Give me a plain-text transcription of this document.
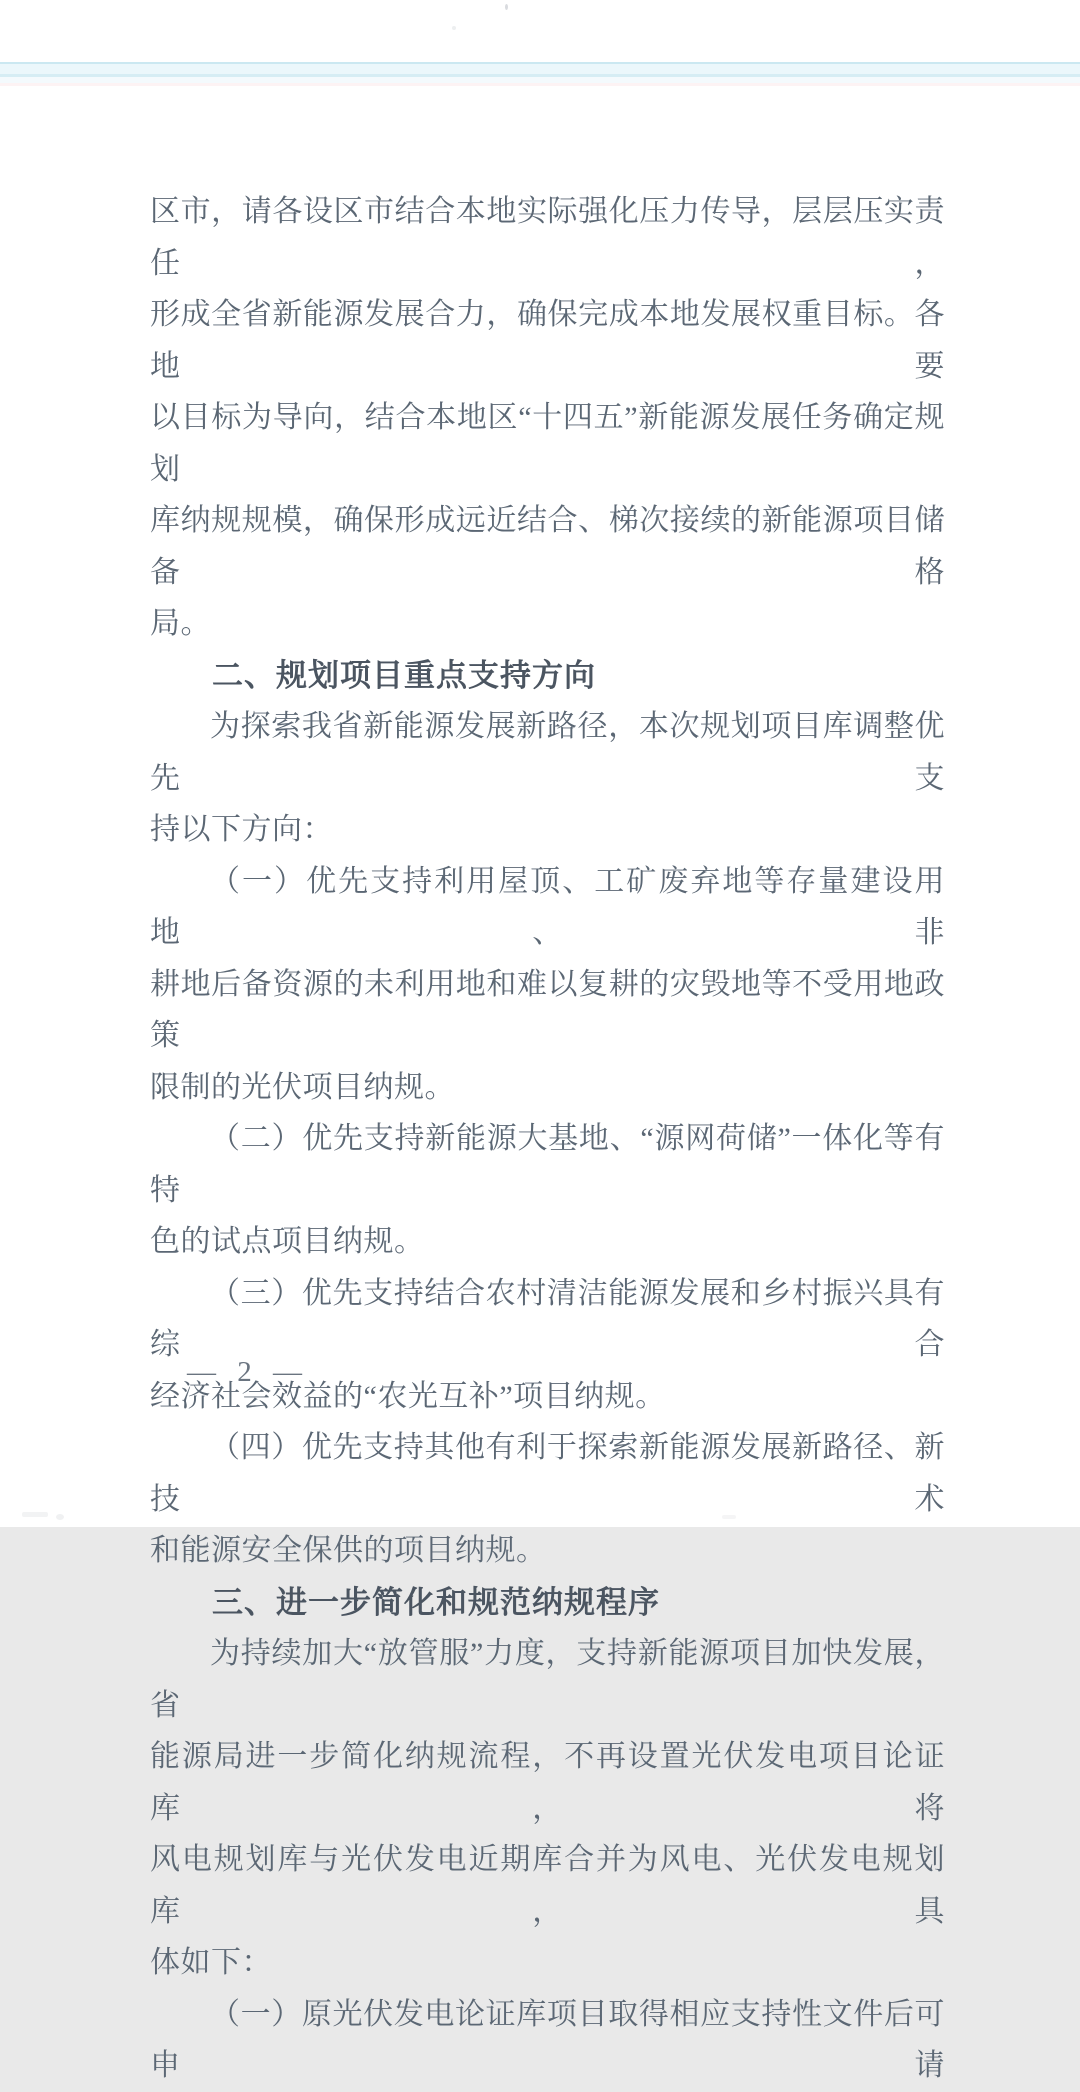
区市，请各设区市结合本地实际强化压力传导，层层压实责任，
形成全省新能源发展合力，确保完成本地发展权重目标。各地要
以目标为导向，结合本地区“十四五”新能源发展任务确定规划
库纳规规模，确保形成远近结合、梯次接续的新能源项目储备格
局。
二、规划项目重点支持方向
为探索我省新能源发展新路径，本次规划项目库调整优先支
持以下方向：
（一）优先支持利用屋顶、工矿废弃地等存量建设用地、非
耕地后备资源的未利用地和难以复耕的灾毁地等不受用地政策
限制的光伏项目纳规。
（二）优先支持新能源大基地、“源网荷储”一体化等有特
色的试点项目纳规。
（三）优先支持结合农村清洁能源发展和乡村振兴具有综合
经济社会效益的“农光互补”项目纳规。
（四）优先支持其他有利于探索新能源发展新路径、新技术
和能源安全保供的项目纳规。
三、进一步简化和规范纳规程序
为持续加大“放管服”力度，支持新能源项目加快发展，省
能源局进一步简化纳规流程，不再设置光伏发电项目论证库，将
风电规划库与光伏发电近期库合并为风电、光伏发电规划库，具
体如下：
（一）原光伏发电论证库项目取得相应支持性文件后可申请
— 2 —
